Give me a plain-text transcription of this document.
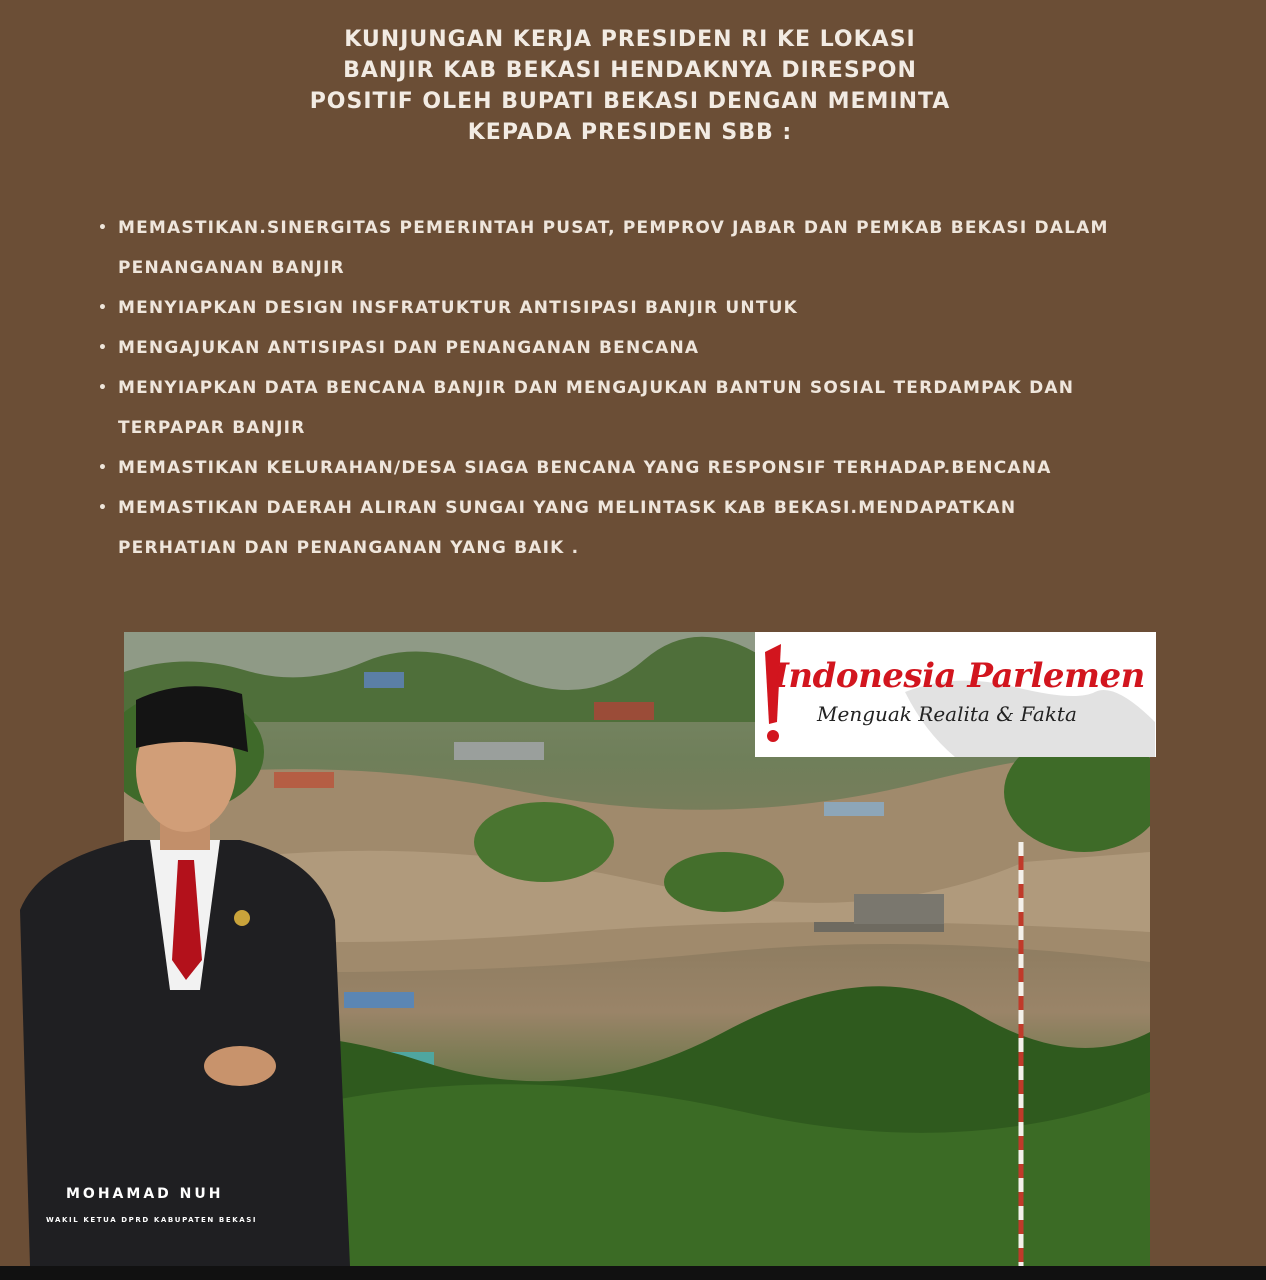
KUNJUNGAN KERJA PRESIDEN RI KE LOKASI
BANJIR KAB BEKASI HENDAKNYA DIRESPON
POSITIF OLEH BUPATI BEKASI DENGAN MEMINTA
KEPADA PRESIDEN SBB :
• MEMASTIKAN.SINERGITAS PEMERINTAH PUSAT, PEMPROV JABAR DAN PEMKAB BEKASI DALAM
PENANGANAN BANJIR
• MENYIAPKAN DESIGN INSFRATUKTUR ANTISIPASI BANJIR UNTUK
• MENGAJUKAN ANTISIPASI DAN PENANGANAN BENCANA
• MENYIAPKAN DATA BENCANA BANJIR DAN MENGAJUKAN BANTUN SOSIAL TERDAMPAK DAN
TERPAPAR BANJIR
• MEMASTIKAN KELURAHAN/DESA SIAGA BENCANA YANG RESPONSIF TERHADAP.BENCANA
• MEMASTIKAN DAERAH ALIRAN SUNGAI YANG MELINTASK KAB BEKASI.MENDAPATKAN
PERHATIAN DAN PENANGANAN YANG BAIK .
Indonesia Parlemen
Menguak Realita & Fakta
MOHAMAD NUH
WAKIL KETUA DPRD KABUPATEN BEKASI
